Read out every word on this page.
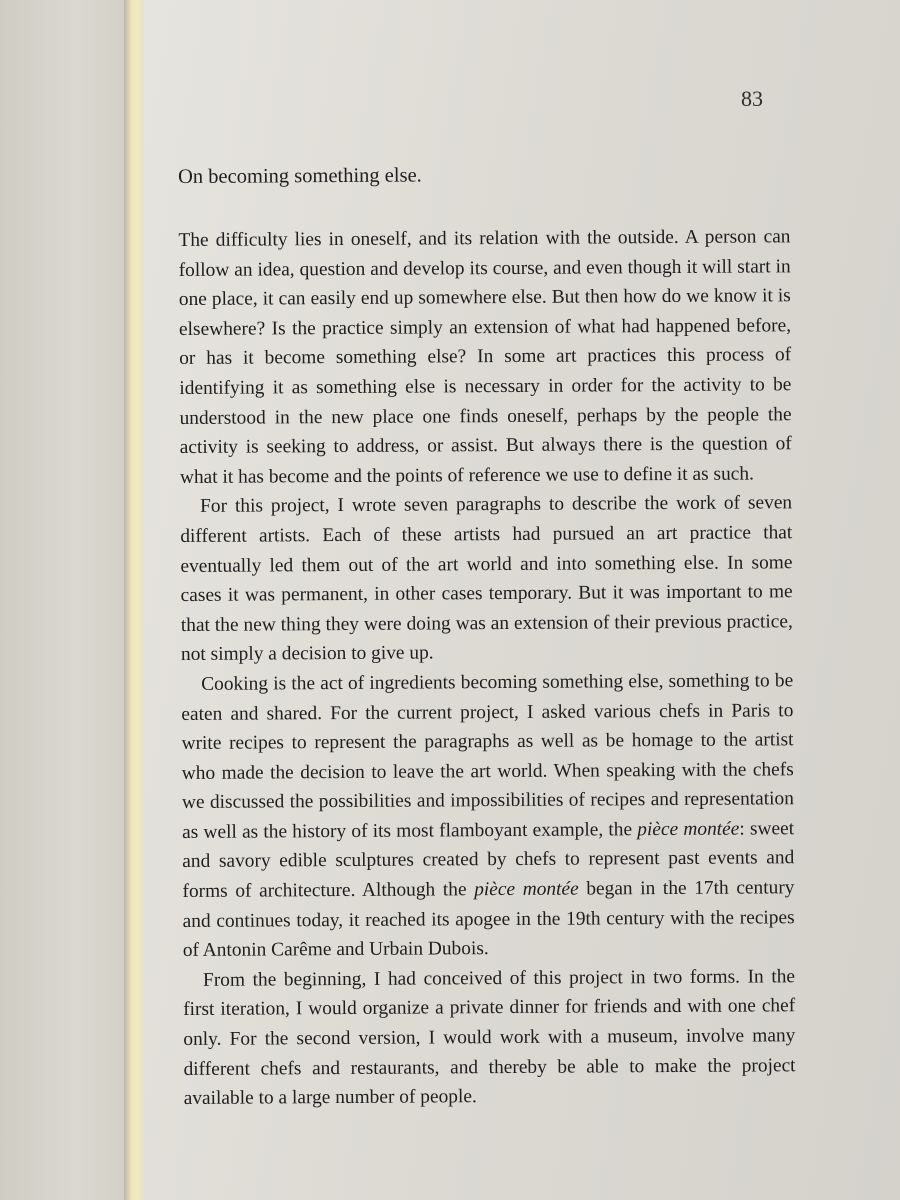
83

On becoming something else.

The difficulty lies in oneself, and its relation with the outside. A person can follow an idea, question and develop its course, and even though it will start in one place, it can easily end up somewhere else. But then how do we know it is elsewhere? Is the practice simply an extension of what had happened before, or has it become something else? In some art practices this process of identifying it as something else is necessary in order for the activity to be understood in the new place one finds oneself, perhaps by the people the activity is seeking to address, or assist. But always there is the question of what it has become and the points of reference we use to define it as such.

For this project, I wrote seven paragraphs to describe the work of seven different artists. Each of these artists had pursued an art practice that eventually led them out of the art world and into something else. In some cases it was permanent, in other cases temporary. But it was important to me that the new thing they were doing was an extension of their previous practice, not simply a decision to give up.

Cooking is the act of ingredients becoming something else, something to be eaten and shared. For the current project, I asked various chefs in Paris to write recipes to represent the paragraphs as well as be homage to the artist who made the decision to leave the art world. When speaking with the chefs we discussed the possibilities and impossibilities of recipes and representation as well as the history of its most flamboyant example, the pièce montée: sweet and savory edible sculptures created by chefs to represent past events and forms of architecture. Although the pièce montée began in the 17th century and continues today, it reached its apogee in the 19th century with the recipes of Antonin Carême and Urbain Dubois.

From the beginning, I had conceived of this project in two forms. In the first iteration, I would organize a private dinner for friends and with one chef only. For the second version, I would work with a museum, involve many different chefs and restaurants, and thereby be able to make the project available to a large number of people.
